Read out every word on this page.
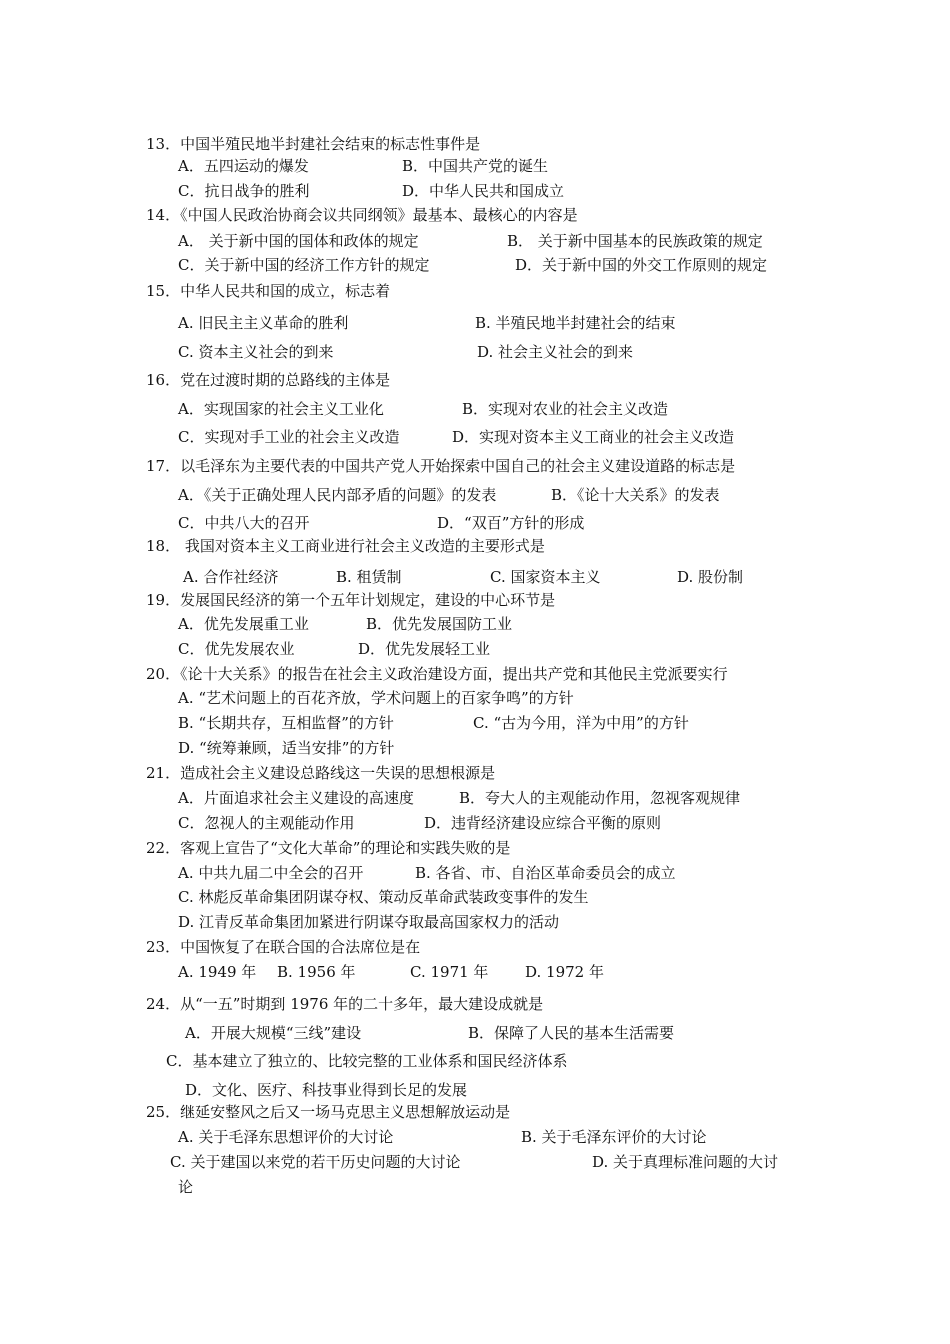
13．中国半殖民地半封建社会结束的标志性事件是
A．五四运动的爆发	B．中国共产党的诞生
C．抗日战争的胜利	D．中华人民共和国成立
14．《中国人民政治协商会议共同纲领》最基本、最核心的内容是
A． 关于新中国的国体和政体的规定	B． 关于新中国基本的民族政策的规定
C．关于新中国的经济工作方针的规定	D．关于新中国的外交工作原则的规定
15．中华人民共和国的成立，标志着
A. 旧民主主义革命的胜利	B. 半殖民地半封建社会的结束
C. 资本主义社会的到来	D. 社会主义社会的到来
16．党在过渡时期的总路线的主体是
A．实现国家的社会主义工业化	B．实现对农业的社会主义改造
C．实现对手工业的社会主义改造	D．实现对资本主义工商业的社会主义改造
17．以毛泽东为主要代表的中国共产党人开始探索中国自己的社会主义建设道路的标志是
A．《关于正确处理人民内部矛盾的问题》的发表	B．《论十大关系》的发表
C．中共八大的召开	D．“双百”方针的形成
18． 我国对资本主义工商业进行社会主义改造的主要形式是
A. 合作社经济	B. 租赁制	C. 国家资本主义	D. 股份制
19．发展国民经济的第一个五年计划规定，建设的中心环节是
A．优先发展重工业	B．优先发展国防工业
C．优先发展农业	D．优先发展轻工业
20．《论十大关系》的报告在社会主义政治建设方面，提出共产党和其他民主党派要实行
A. “艺术问题上的百花齐放，学术问题上的百家争鸣”的方针
B. “长期共存，互相监督”的方针	C. “古为今用，洋为中用”的方针
D. “统筹兼顾，适当安排”的方针
21．造成社会主义建设总路线这一失误的思想根源是
A．片面追求社会主义建设的高速度	B．夸大人的主观能动作用，忽视客观规律
C．忽视人的主观能动作用	D．违背经济建设应综合平衡的原则
22．客观上宣告了“文化大革命”的理论和实践失败的是
A. 中共九届二中全会的召开	B. 各省、市、自治区革命委员会的成立
C. 林彪反革命集团阴谋夺权、策动反革命武装政变事件的发生
D. 江青反革命集团加紧进行阴谋夺取最高国家权力的活动
23．中国恢复了在联合国的合法席位是在
A. 1949 年 B. 1956 年	C. 1971 年 D. 1972 年
24．从“一五”时期到 1976 年的二十多年，最大建设成就是
A．开展大规模“三线”建设	B．保障了人民的基本生活需要
C．基本建立了独立的、比较完整的工业体系和国民经济体系
D．文化、医疗、科技事业得到长足的发展
25．继延安整风之后又一场马克思主义思想解放运动是
A. 关于毛泽东思想评价的大讨论	B. 关于毛泽东评价的大讨论
C. 关于建国以来党的若干历史问题的大讨论	D. 关于真理标准问题的大讨
论
